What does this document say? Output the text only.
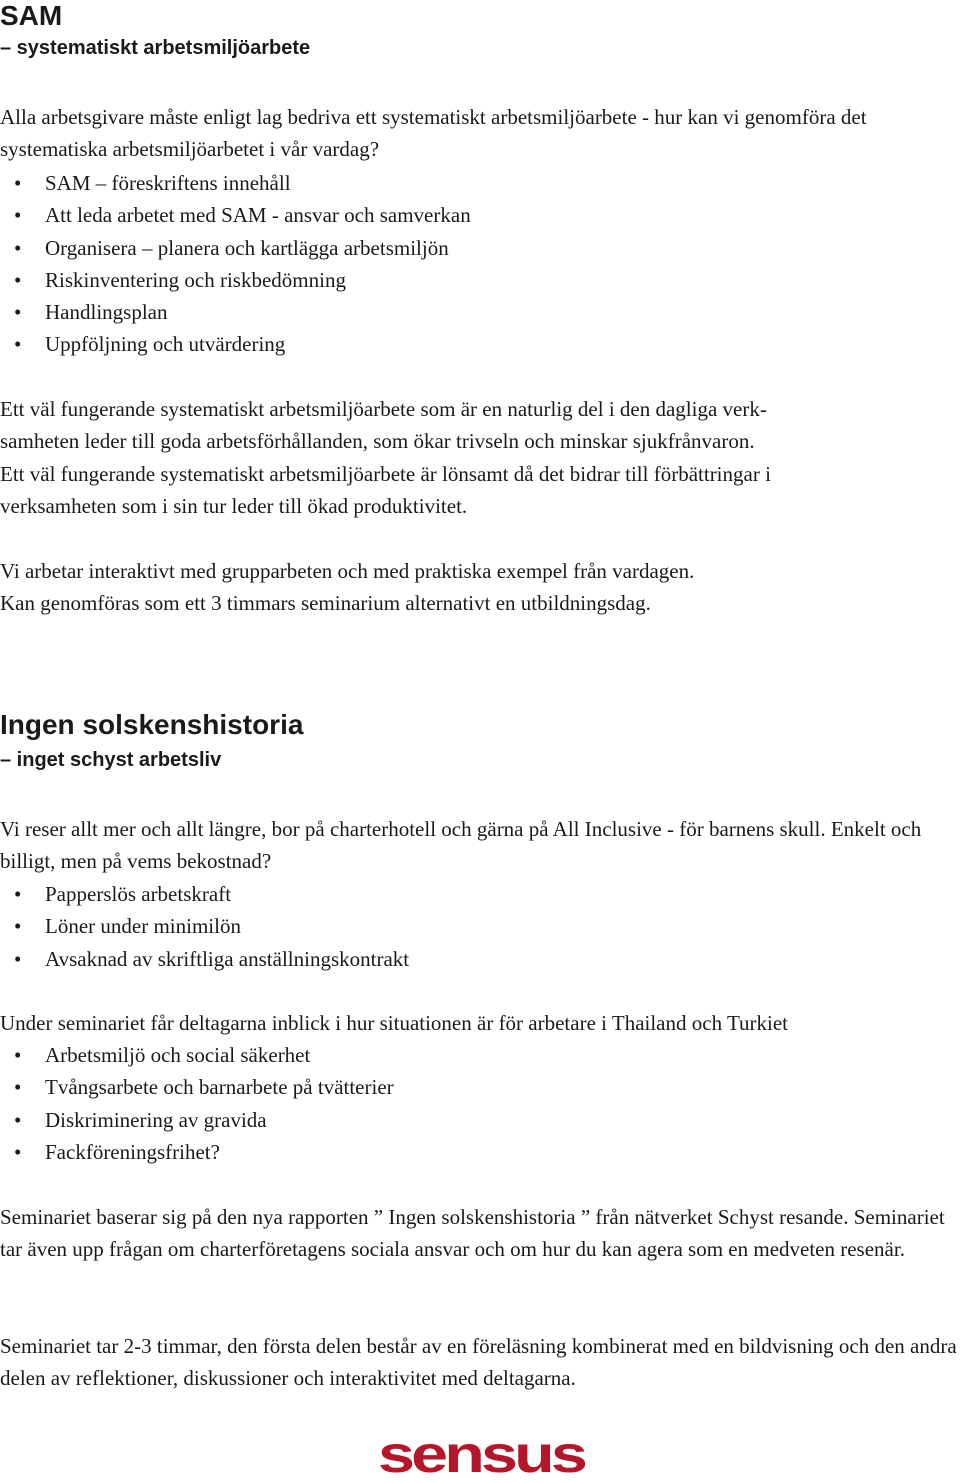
SAM
– systematiskt arbetsmiljöarbete

Alla arbetsgivare måste enligt lag bedriva ett systematiskt arbetsmiljöarbete - hur kan vi genomföra det systematiska arbetsmiljöarbetet i vår vardag?

• SAM – föreskriftens innehåll
• Att leda arbetet med SAM - ansvar och samverkan
• Organisera – planera och kartlägga arbetsmiljön
• Riskinventering och riskbedömning
• Handlingsplan
• Uppföljning och utvärdering
Ett väl fungerande systematiskt arbetsmiljöarbete som är en naturlig del i den dagliga verk-
samheten leder till goda arbetsförhållanden, som ökar trivseln och minskar sjukfrånvaron.
Ett väl fungerande systematiskt arbetsmiljöarbete är lönsamt då det bidrar till förbättringar i
verksamheten som i sin tur leder till ökad produktivitet.
Vi arbetar interaktivt med grupparbeten och med praktiska exempel från vardagen.
Kan genomföras som ett 3 timmars seminarium alternativt en utbildningsdag.
Ingen solskenshistoria
– inget schyst arbetsliv

Vi reser allt mer och allt längre, bor på charterhotell och gärna på All Inclusive - för barnens skull. Enkelt och billigt, men på vems bekostnad?

• Papperslös arbetskraft
• Löner under minimilön
• Avsaknad av skriftliga anställningskontrakt
Under seminariet får deltagarna inblick i hur situationen är för arbetare i Thailand och Turkiet
• Arbetsmiljö och social säkerhet
• Tvångsarbete och barnarbete på tvätterier
• Diskriminering av gravida
• Fackföreningsfrihet?

Seminariet baserar sig på den nya rapporten ” Ingen solskenshistoria ” från nätverket Schyst resande. Seminariet tar även upp frågan om charterföretagens sociala ansvar och om hur du kan agera som en medveten resenär.

Seminariet tar 2-3 timmar, den första delen består av en föreläsning kombinerat med en bildvisning och den andra delen av reflektioner, diskussioner och interaktivitet med deltagarna.

sensus
